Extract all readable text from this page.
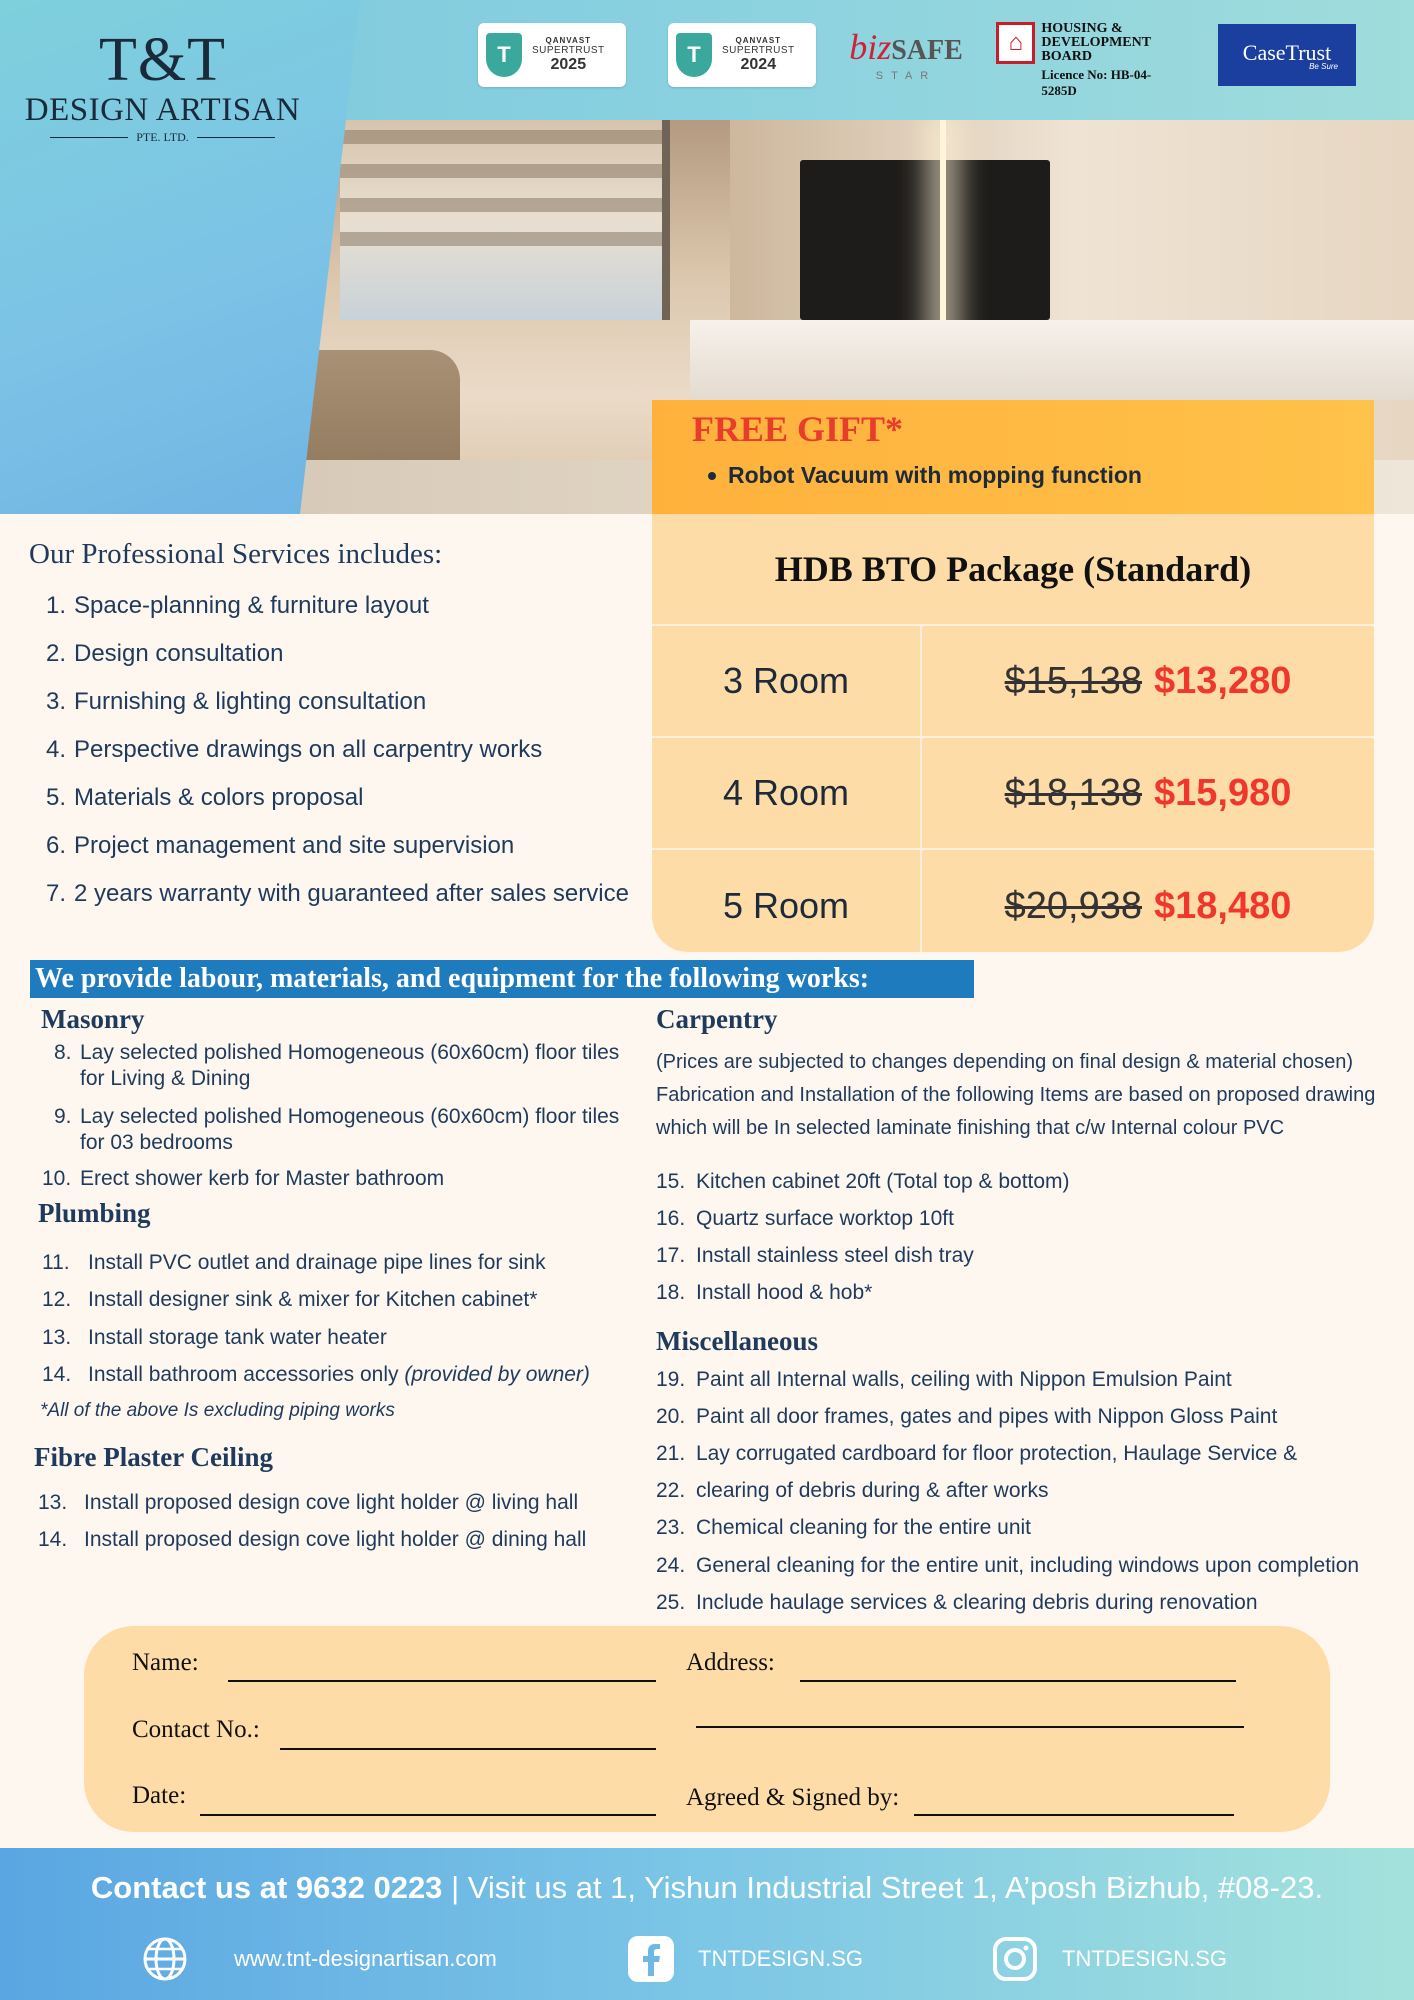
T&T
DESIGN ARTISAN
PTE. LTD.
T
QANVAST
SUPERTRUST
2025	T
QANVAST
SUPERTRUST
2024 bizSAFE
STAR
⌂
HOUSING &
DEVELOPMENT
BOARD
Licence No: HB-04-5285D
CaseTrust
Be Sure
FREE GIFT*
Robot Vacuum with mopping function
Our Professional Services includes:
1. Space-planning & furniture layout
2. Design consultation
3. Furnishing & lighting consultation
4. Perspective drawings on all carpentry works
5. Materials & colors proposal
6. Project management and site supervision
7. 2 years warranty with guaranteed after sales service
HDB BTO Package (Standard)
3 Room	$15,138 $13,280
4 Room	$18,138 $15,980
5 Room	$20,938 $18,480
We provide labour, materials, and equipment for the following works:
Masonry
8. Lay selected polished Homogeneous (60x60cm) floor tiles
for Living & Dining
9. Lay selected polished Homogeneous (60x60cm) floor tiles
for 03 bedrooms
10. Erect shower kerb for Master bathroom
Plumbing
11. Install PVC outlet and drainage pipe lines for sink
12. Install designer sink & mixer for Kitchen cabinet*
13. Install storage tank water heater
14. Install bathroom accessories only
(provided by owner)
*All of the above Is excluding piping works
Fibre Plaster Ceiling
13. Install proposed design cove light holder @ living hall
14. Install proposed design cove light holder @ dining hall
Carpentry
(Prices are subjected to changes depending on final design & material chosen)
Fabrication and Installation of the following Items are based on proposed drawing
which will be In selected laminate finishing that c/w Internal colour PVC
15. Kitchen cabinet 20ft (Total top & bottom)
16. Quartz surface worktop 10ft
17. Install stainless steel dish tray
18. Install hood & hob*
Miscellaneous
19. Paint all Internal walls, ceiling with Nippon Emulsion Paint
20. Paint all door frames, gates and pipes with Nippon Gloss Paint
21. Lay corrugated cardboard for floor protection, Haulage Service &
22. clearing of debris during & after works
23. Chemical cleaning for the entire unit
24. General cleaning for the entire unit, including windows upon completion
25. Include haulage services & clearing debris during renovation
Name:	Address:
Contact No.:
Date:	Agreed & Signed by:
Contact us at 9632 0223 | Visit us at 1, Yishun Industrial Street 1, A’posh Bizhub, #08-23.
www.tnt-designartisan.com	TNTDESIGN.SG	TNTDESIGN.SG
